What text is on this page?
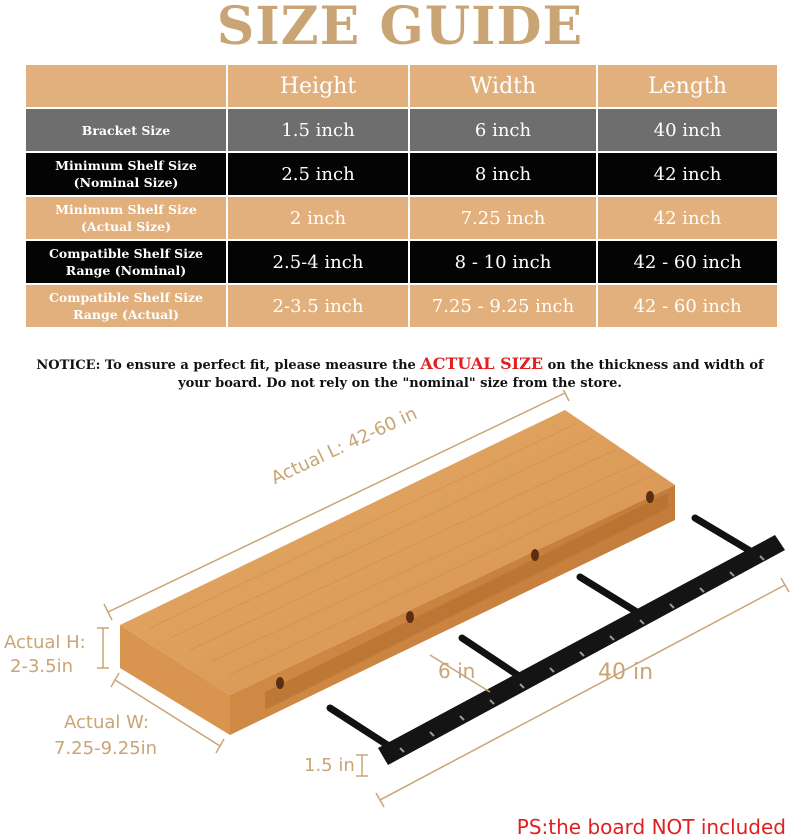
SIZE GUIDE
	Height	Width	Length
Bracket Size	1.5 inch	6 inch	40 inch
Minimum Shelf Size (Nominal Size)	2.5 inch	8 inch	42 inch
Minimum Shelf Size (Actual Size)	2 inch	7.25 inch	42 inch
Compatible Shelf Size Range (Nominal)	2.5-4 inch	8 - 10 inch	42 - 60 inch
Compatible Shelf Size Range (Actual)	2-3.5 inch	7.25 - 9.25 inch	42 - 60 inch
NOTICE: To ensure a perfect fit, please measure the ACTUAL SIZE on the thickness and width of your board. Do not rely on the "nominal" size from the store.
Actual L: 42-60 in
Actual H:
2-3.5in
Actual W:
7.25-9.25in
6 in	40 in
1.5 in
PS:the board NOT included
